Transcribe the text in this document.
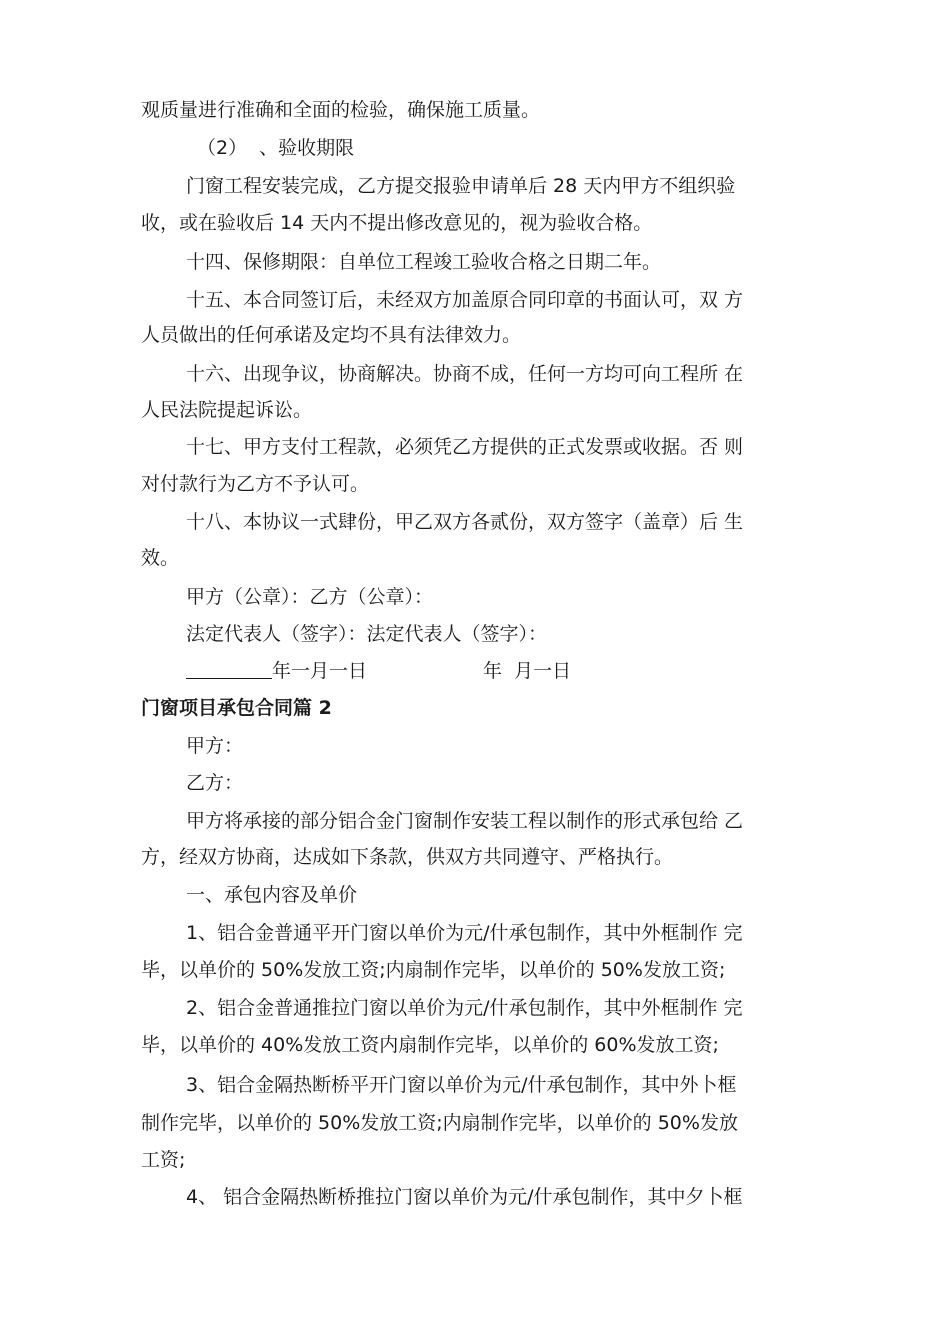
观质量进行准确和全面的检验，确保施工质量。
（2）  、验收期限
门窗工程安装完成，乙方提交报验申请单后 28 天内甲方不组织验
收，或在验收后 14 天内不提出修改意见的，视为验收合格。
十四、保修期限：自单位工程竣工验收合格之日期二年。
十五、本合同签订后，未经双方加盖原合同印章的书面认可，双 方
人员做出的任何承诺及定均不具有法律效力。
十六、出现争议，协商解决。协商不成，任何一方均可向工程所 在
人民法院提起诉讼。
十七、甲方支付工程款，必须凭乙方提供的正式发票或收据。否 则
对付款行为乙方不予认可。
十八、本协议一式肆份，甲乙双方各贰份，双方签字（盖章）后 生
效。
甲方（公章）：乙方（公章）：
法定代表人（签字）：法定代表人（签字）：
年一月一日	年  月一日
门窗项目承包合同篇 2
甲方：
乙方：
甲方将承接的部分铝合金门窗制作安装工程以制作的形式承包给 乙
方，经双方协商，达成如下条款，供双方共同遵守、严格执行。
一、承包内容及单价
1、铝合金普通平开门窗以单价为元/什承包制作，其中外框制作 完
毕，以单价的 50%发放工资;内扇制作完毕，以单价的 50%发放工资;
2、铝合金普通推拉门窗以单价为元/什承包制作，其中外框制作 完
毕，以单价的 40%发放工资内扇制作完毕，以单价的 60%发放工资;
3、铝合金隔热断桥平开门窗以单价为元/什承包制作，其中外卜框
制作完毕，以单价的 50%发放工资;内扇制作完毕，以单价的 50%发放
工资;
4、 铝合金隔热断桥推拉门窗以单价为元/什承包制作，其中夕卜框
